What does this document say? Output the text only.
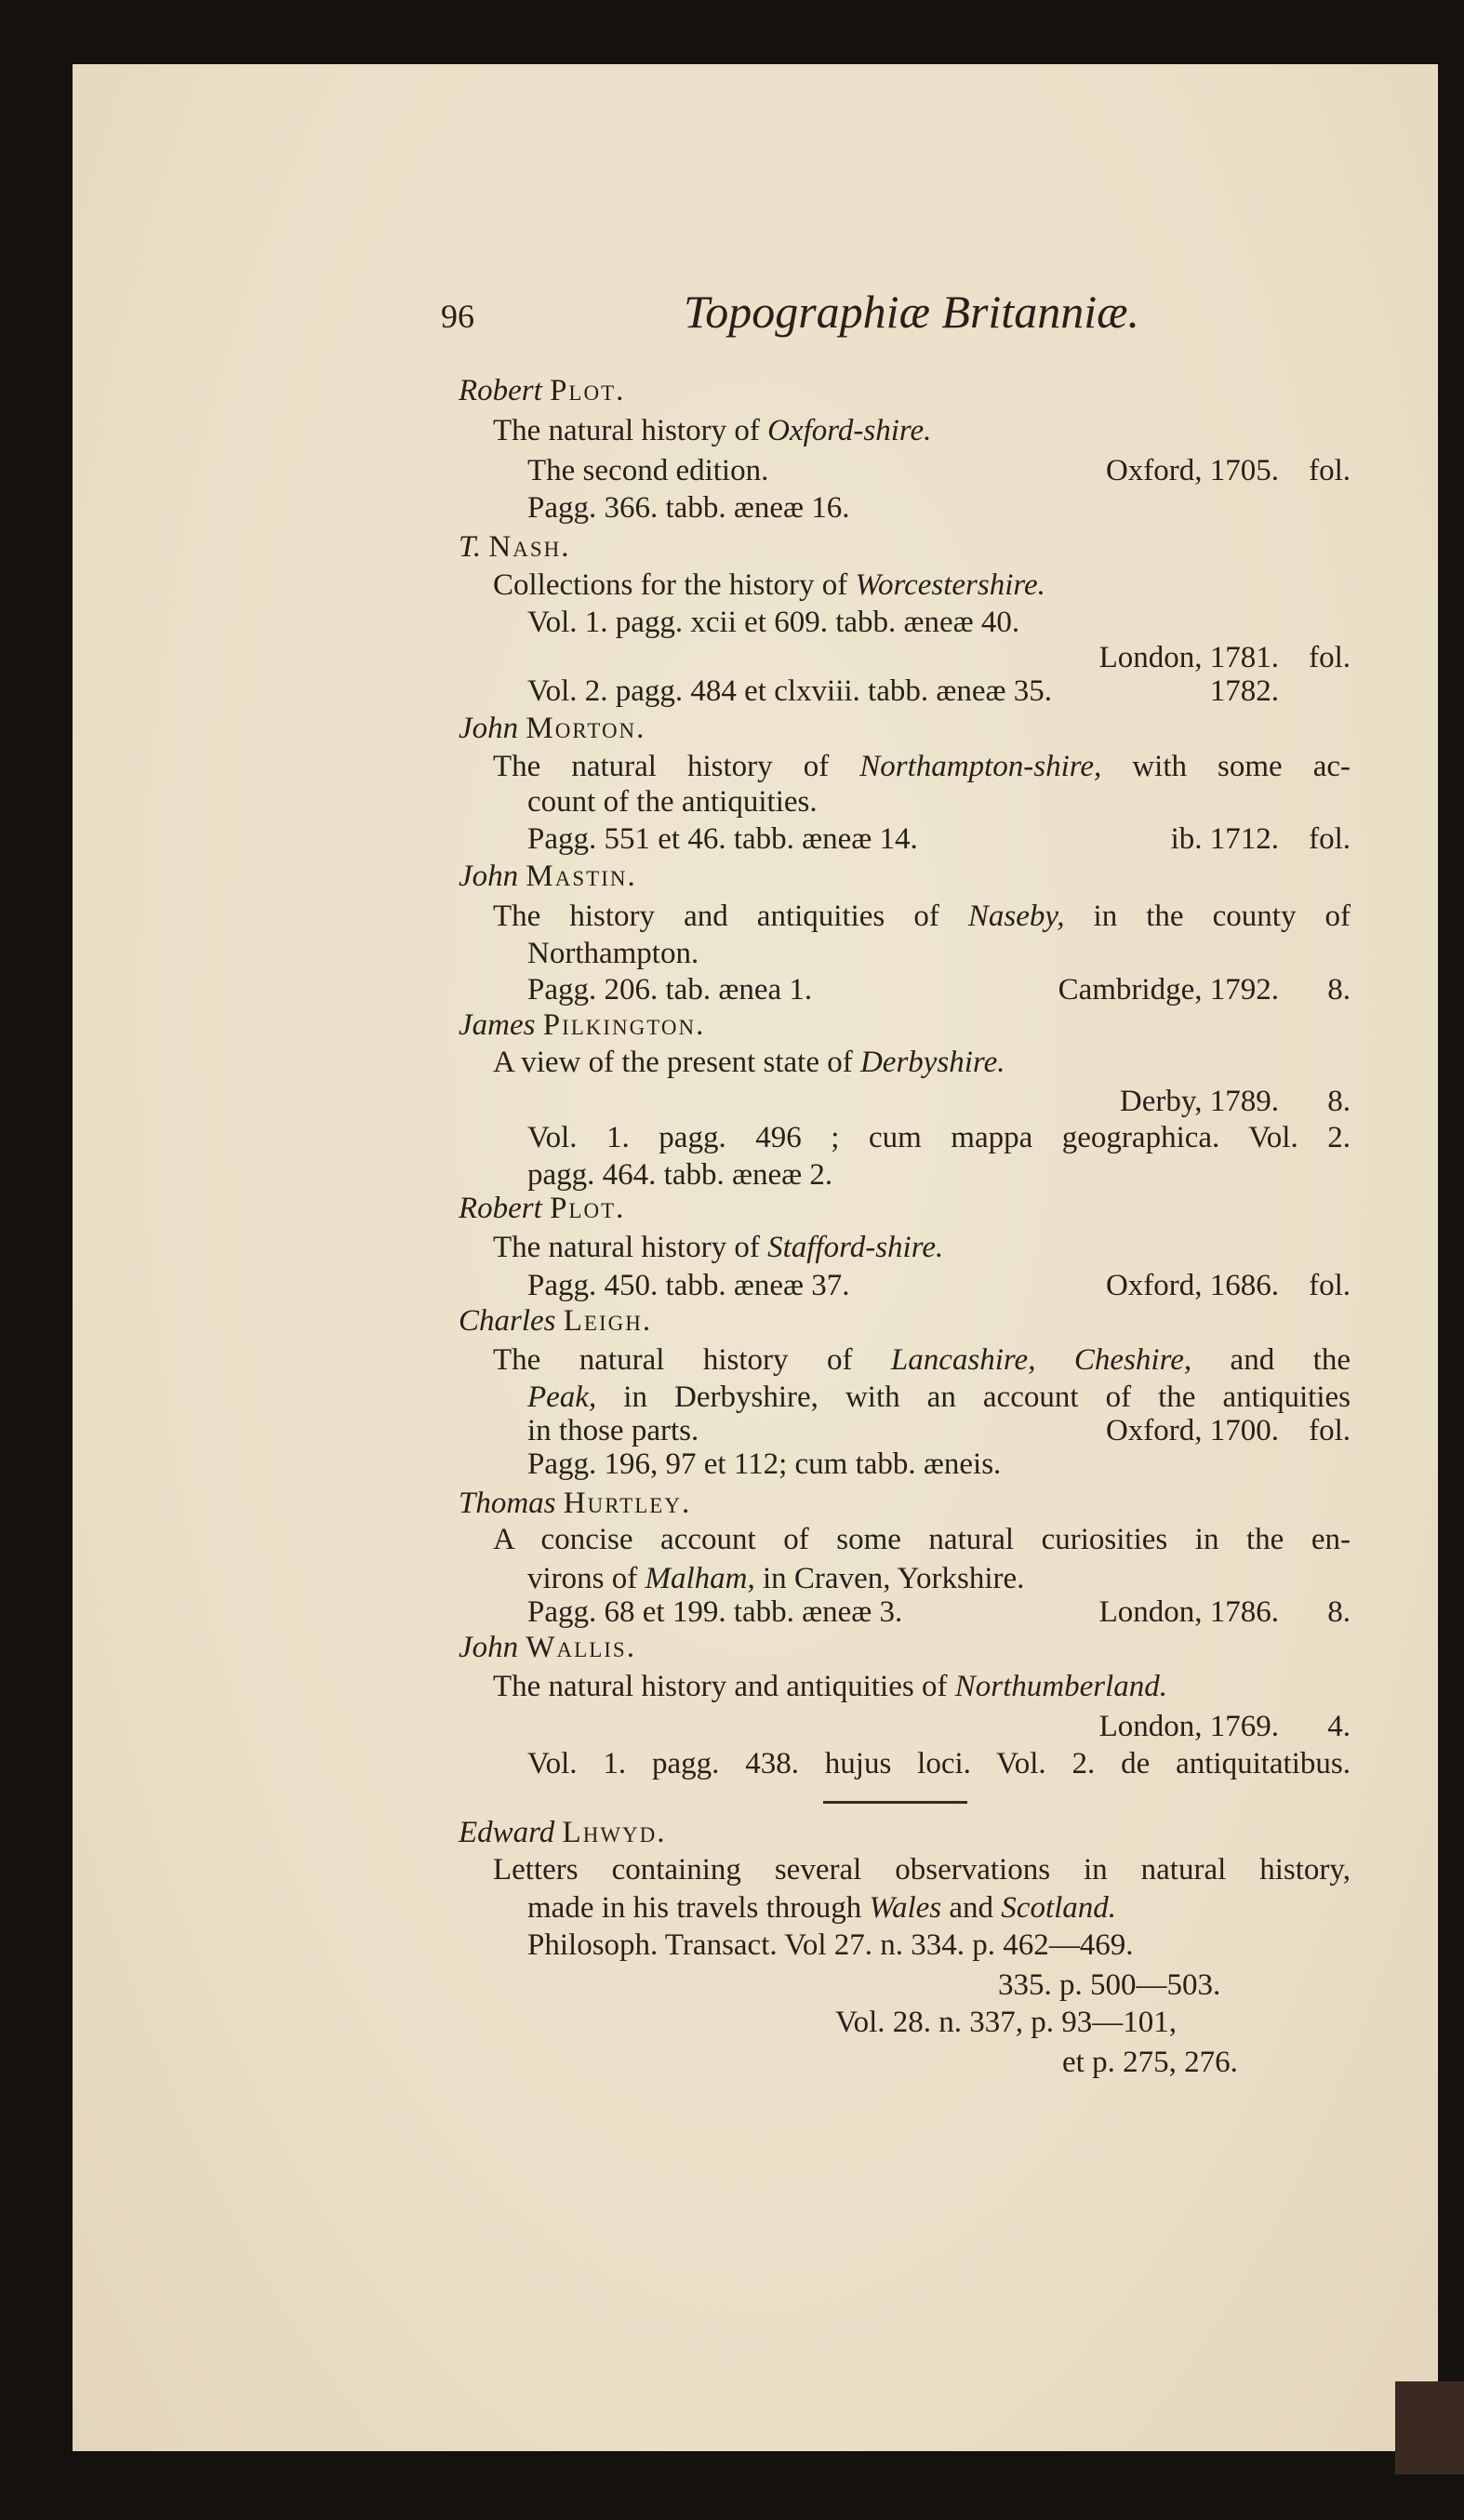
96	Topographiæ Britanniæ.
Robert Plot.
The natural history of Oxford-shire.
The second edition.	Oxford, 1705. fol.
Pagg. 366. tabb. æneæ 16.
T. Nash.
Collections for the history of Worcestershire.
Vol. 1. pagg. xcii et 609. tabb. æneæ 40.
London, 1781. fol.
Vol. 2. pagg. 484 et clxviii. tabb. æneæ 35.	1782.
John Morton.
The natural history of Northampton-shire, with some ac-
count of the antiquities.
Pagg. 551 et 46. tabb. æneæ 14.	ib. 1712. fol.
John Mastin.
The history and antiquities of Naseby, in the county of
Northampton.
Pagg. 206. tab. ænea 1.	Cambridge, 1792. 8.
James Pilkington.
A view of the present state of Derbyshire.
Derby, 1789. 8.
Vol. 1. pagg. 496 ; cum mappa geographica. Vol. 2.
pagg. 464. tabb. æneæ 2.
Robert Plot.
The natural history of Stafford-shire.
Pagg. 450. tabb. æneæ 37.	Oxford, 1686. fol.
Charles Leigh.
The natural history of Lancashire, Cheshire, and the
Peak, in Derbyshire, with an account of the antiquities
in those parts.	Oxford, 1700. fol.
Pagg. 196, 97 et 112; cum tabb. æneis.
Thomas Hurtley.
A concise account of some natural curiosities in the en-
virons of Malham, in Craven, Yorkshire.
Pagg. 68 et 199. tabb. æneæ 3.	London, 1786. 8.
John Wallis.
The natural history and antiquities of Northumberland.
London, 1769. 4.
Vol. 1. pagg. 438. hujus loci. Vol. 2. de antiquitatibus.
Edward Lhwyd.
Letters containing several observations in natural history,
made in his travels through Wales and Scotland.
Philosoph. Transact. Vol 27. n. 334. p. 462—469.
335. p. 500—503.
Vol. 28. n. 337, p. 93—101,
et p. 275, 276.
